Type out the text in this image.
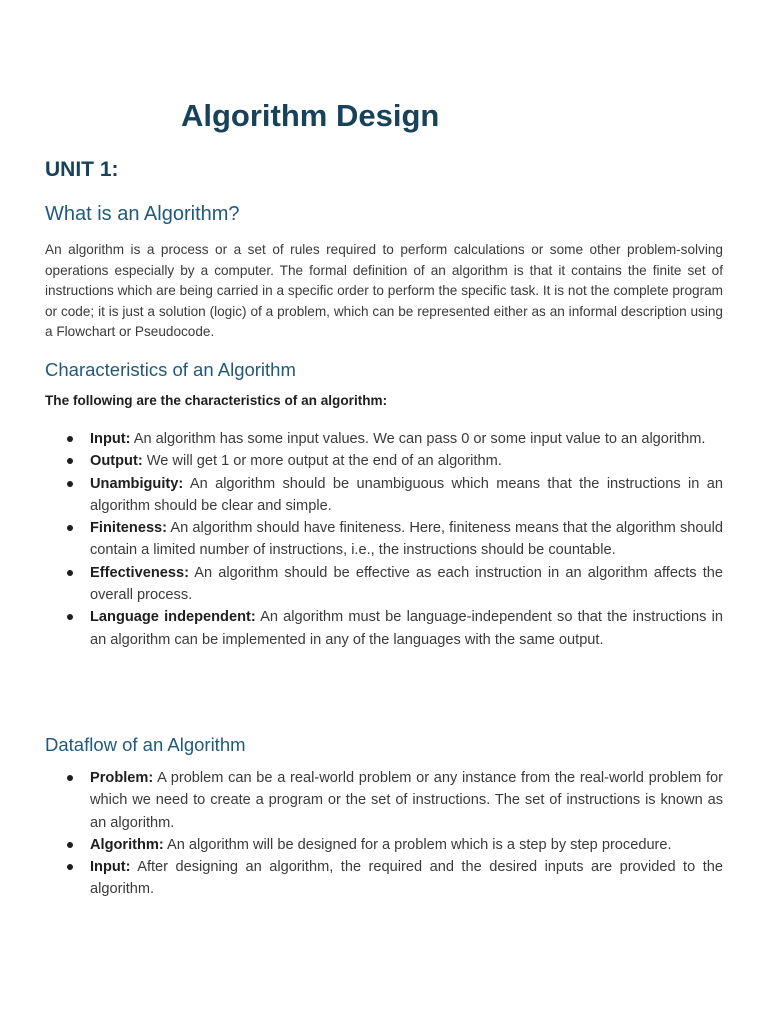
Algorithm Design
UNIT 1:
What is an Algorithm?

An algorithm is a process or a set of rules required to perform calculations or some other problem-solving operations especially by a computer. The formal definition of an algorithm is that it contains the finite set of instructions which are being carried in a specific order to perform the specific task. It is not the complete program or code; it is just a solution (logic) of a problem, which can be represented either as an informal description using a Flowchart or Pseudocode.

Characteristics of an Algorithm

The following are the characteristics of an algorithm:

Input: An algorithm has some input values. We can pass 0 or some input value to an algorithm.
Output: We will get 1 or more output at the end of an algorithm.
Unambiguity: An algorithm should be unambiguous which means that the instructions in an algorithm should be clear and simple.
Finiteness: An algorithm should have finiteness. Here, finiteness means that the algorithm should contain a limited number of instructions, i.e., the instructions should be countable.
Effectiveness: An algorithm should be effective as each instruction in an algorithm affects the overall process.
Language independent: An algorithm must be language-independent so that the instructions in an algorithm can be implemented in any of the languages with the same output.
Dataflow of an Algorithm
Problem: A problem can be a real-world problem or any instance from the real-world problem for which we need to create a program or the set of instructions. The set of instructions is known as an algorithm.
Algorithm: An algorithm will be designed for a problem which is a step by step procedure.
Input: After designing an algorithm, the required and the desired inputs are provided to the algorithm.
